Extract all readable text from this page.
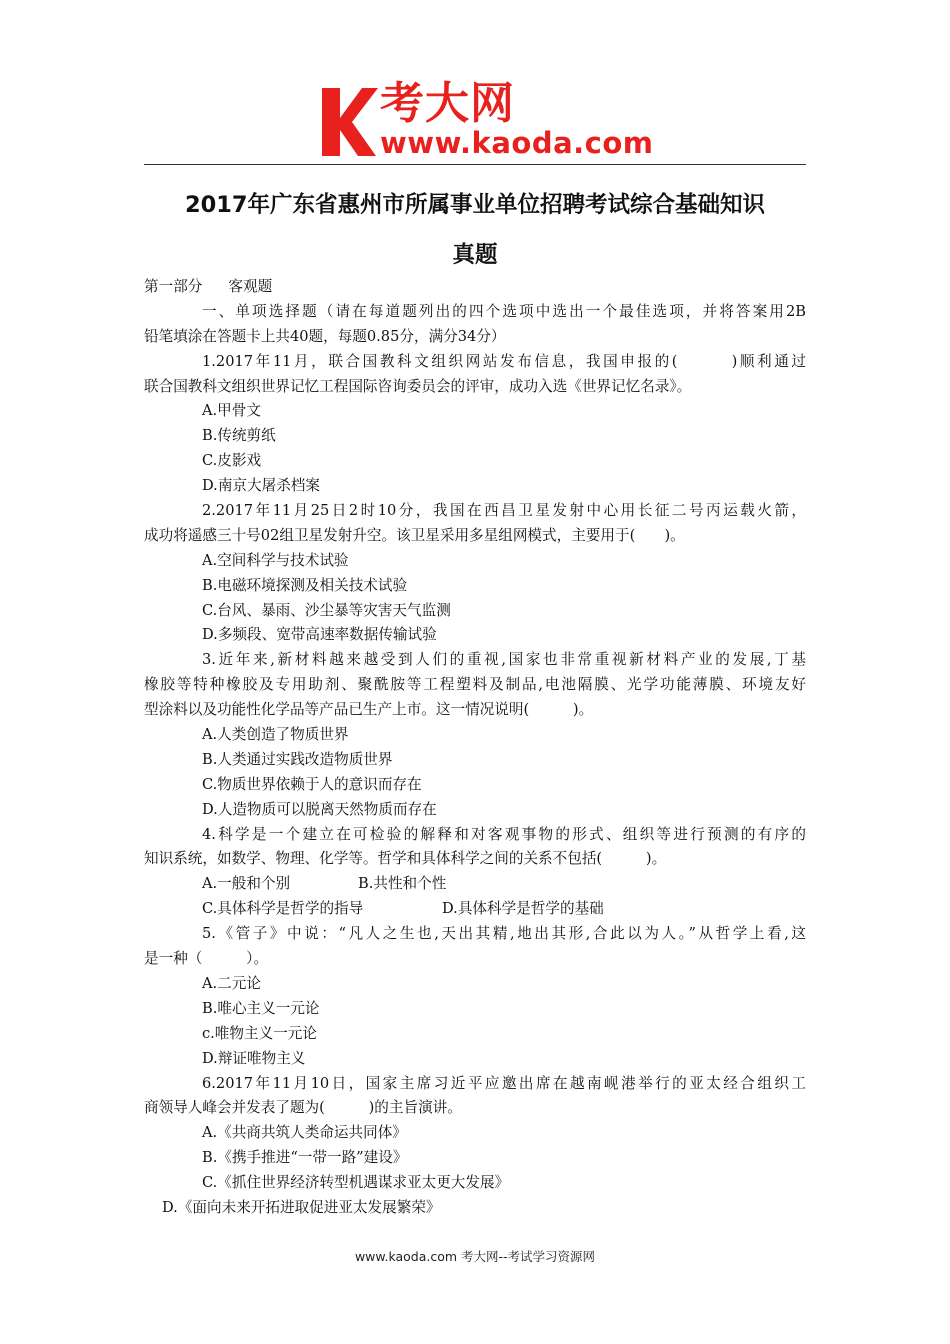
考大网
www.kaoda.com
2017年广东省惠州市所属事业单位招聘考试综合基础知识
真题
第一部分 客观题
一、单项选择题（请在每道题列出的四个选项中选出一个最佳选项，并将答案用2B
铅笔填涂在答题卡上共40题，每题0.85分，满分34分）
1.2017年11月，联合国教科文组织网站发布信息，我国申报的(　　　)顺利通过
联合国教科文组织世界记忆工程国际咨询委员会的评审，成功入选《世界记忆名录》。
A.甲骨文
B.传统剪纸
C.皮影戏
D.南京大屠杀档案
2.2017年11月25日2时10分，我国在西昌卫星发射中心用长征二号丙运载火箭，
成功将遥感三十号02组卫星发射升空。该卫星采用多星组网模式，主要用于(　　)。
A.空间科学与技术试验
B.电磁环境探测及相关技术试验
C.台风、暴雨、沙尘暴等灾害天气监测
D.多频段、宽带高速率数据传输试验
3.近年来,新材料越来越受到人们的重视,国家也非常重视新材料产业的发展,丁基
橡胶等特种橡胶及专用助剂、聚酰胺等工程塑料及制品,电池隔膜、光学功能薄膜、环境友好
型涂料以及功能性化学品等产品已生产上市。这一情况说明(　　　)。
A.人类创造了物质世界
B.人类通过实践改造物质世界
C.物质世界依赖于人的意识而存在
D.人造物质可以脱离天然物质而存在
4.科学是一个建立在可检验的解释和对客观事物的形式、组织等进行预测的有序的
知识系统，如数学、物理、化学等。哲学和具体科学之间的关系不包括(　　　)。
A.一般和个别	B.共性和个性
C.具体科学是哲学的指导	D.具体科学是哲学的基础
5.《管子》中说：“凡人之生也,天出其精,地出其形,合此以为人。”从哲学上看,这
是一种（　　　）。
A.二元论
B.唯心主义一元论
c.唯物主义一元论
D.辩证唯物主义
6.2017年11月10日，国家主席习近平应邀出席在越南岘港举行的亚太经合组织工
商领导人峰会并发表了题为(　　　)的主旨演讲。
A.《共商共筑人类命运共同体》
B.《携手推进“一带一路”建设》
C.《抓住世界经济转型机遇谋求亚太更大发展》
D.《面向未来开拓进取促进亚太发展繁荣》
www.kaoda.com 考大网--考试学习资源网
